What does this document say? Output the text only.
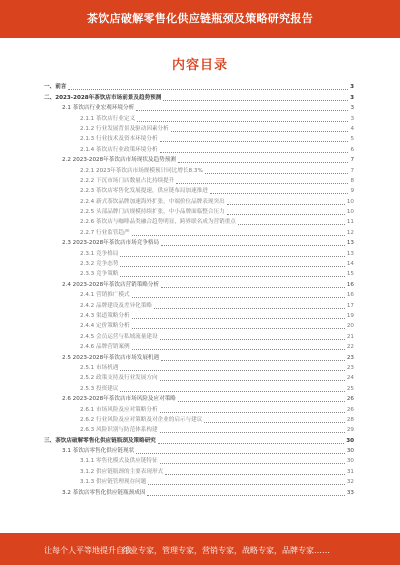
茶饮店破解零售化供应链瓶颈及策略研究报告
内容目录
一、前言	3
二、2023-2028年茶饮店市场前景及趋势预测	3
2.1 茶饮店行业宏观环境分析	3
2.1.1 茶饮店行业定义	3
2.1.2 行业发展背景及驱动因素分析	4
2.1.3 行业技术及资本环境分析	5
2.1.4 茶饮店行业政策环境分析	6
2.2 2023-2028年茶饮店市场现状及趋势预测	7
2.2.1 2023年茶饮店市场规模预计同比增长8.3%	7
2.2.2 下沉市场门店数量占比持续提升	8
2.2.3 茶饮店零售化发展提速，供应链布局加速推进	9
2.2.4 新式茶饮品牌加速海外扩张，中端价位品牌表现突出	10
2.2.5 头部品牌门店规模持续扩张，中小品牌面临整合压力	10
2.2.6 茶饮店与咖啡品类融合趋势明显，跨界联名成为营销重点	11
2.2.7 行业监管趋严	12
2.3 2023-2028年茶饮店市场竞争格局	13
2.3.1 竞争格局	13
2.3.2 竞争态势	14
2.3.3 竞争策略	15
2.4 2023-2028年茶饮店营销策略分析	16
2.4.1 营销推广模式	16
2.4.2 品牌建设及差异化策略	17
2.4.3 渠道策略分析	19
2.4.4 定价策略分析	20
2.4.5 会员运营与私域流量建设	21
2.4.6 品牌营销案例	22
2.5 2023-2028年茶饮店市场发展机遇	23
2.5.1 市场机遇	23
2.5.2 政策支持及行业发展方向	24
2.5.3 投资建议	25
2.6 2023-2028年茶饮店市场风险及应对策略	26
2.6.1 市场风险及应对策略分析	26
2.6.2 行业风险及应对策略及对企业的启示与建议	28
2.6.3 风险识别与防范体系构建	29
三、茶饮店破解零售化供应链瓶颈及策略研究	30
3.1 茶饮店零售化供应链现状	30
3.1.1 零售化模式及供应链特征	30
3.1.2 供应链瓶颈的主要表现形式	31
3.1.3 供应链管理现存问题	32
3.2 茶饮店零售化供应链瓶颈成因	33
让每个人平等地提升自我
行业专家，管理专家，营销专家，战略专家，品牌专家……
